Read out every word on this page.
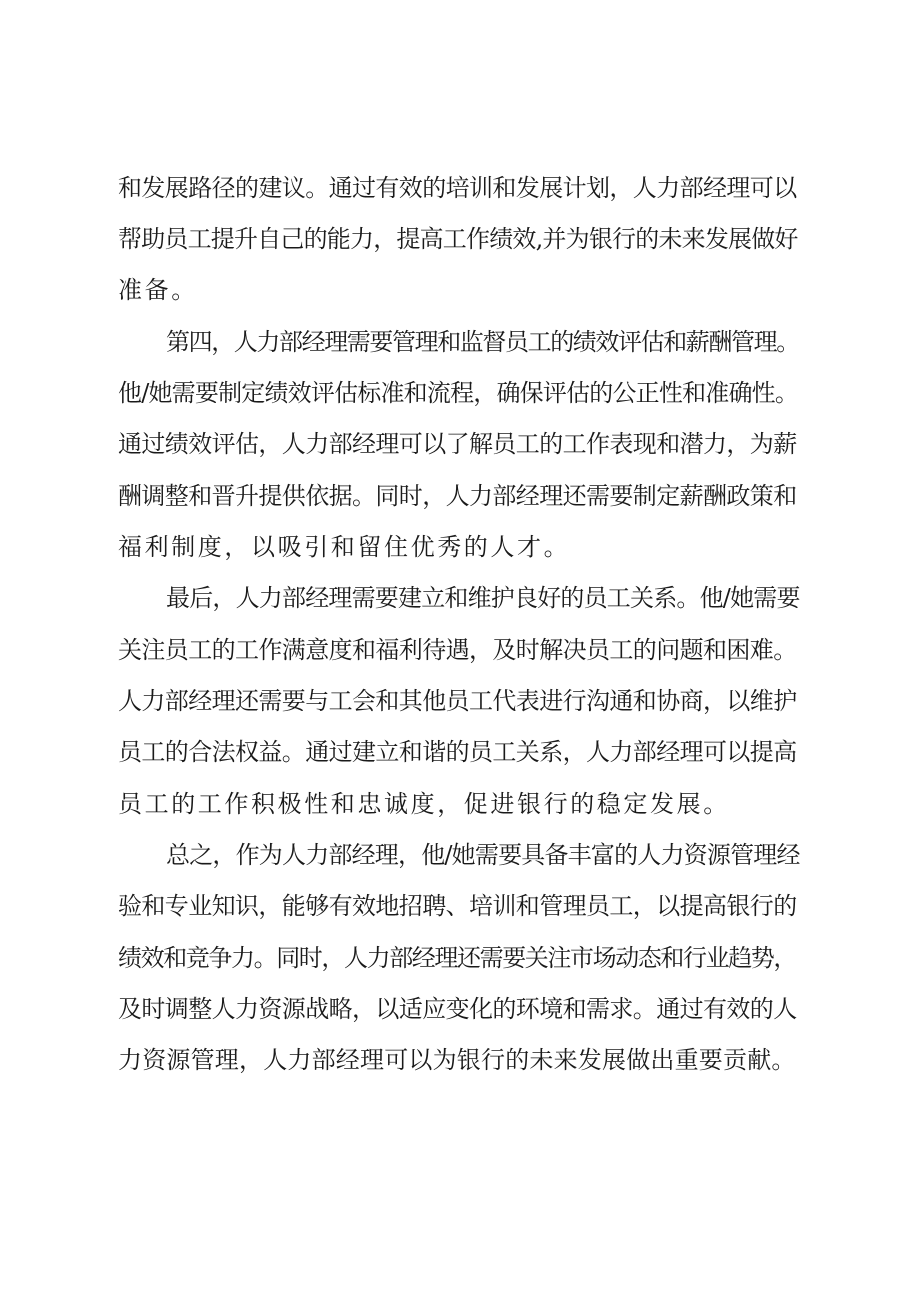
和发展路径的建议。通过有效的培训和发展计划，人力部经理可以
帮助员工提升自己的能力，提高工作绩效,并为银行的未来发展做好
准备。
第四，人力部经理需要管理和监督员工的绩效评估和薪酬管理。
他/她需要制定绩效评估标准和流程，确保评估的公正性和准确性。
通过绩效评估，人力部经理可以了解员工的工作表现和潜力，为薪
酬调整和晋升提供依据。同时，人力部经理还需要制定薪酬政策和
福利制度，以吸引和留住优秀的人才。
最后，人力部经理需要建立和维护良好的员工关系。他/她需要
关注员工的工作满意度和福利待遇，及时解决员工的问题和困难。
人力部经理还需要与工会和其他员工代表进行沟通和协商，以维护
员工的合法权益。通过建立和谐的员工关系，人力部经理可以提高
员工的工作积极性和忠诚度，促进银行的稳定发展。
总之，作为人力部经理，他/她需要具备丰富的人力资源管理经
验和专业知识，能够有效地招聘、培训和管理员工，以提高银行的
绩效和竞争力。同时，人力部经理还需要关注市场动态和行业趋势，
及时调整人力资源战略，以适应变化的环境和需求。通过有效的人
力资源管理，人力部经理可以为银行的未来发展做出重要贡献。
